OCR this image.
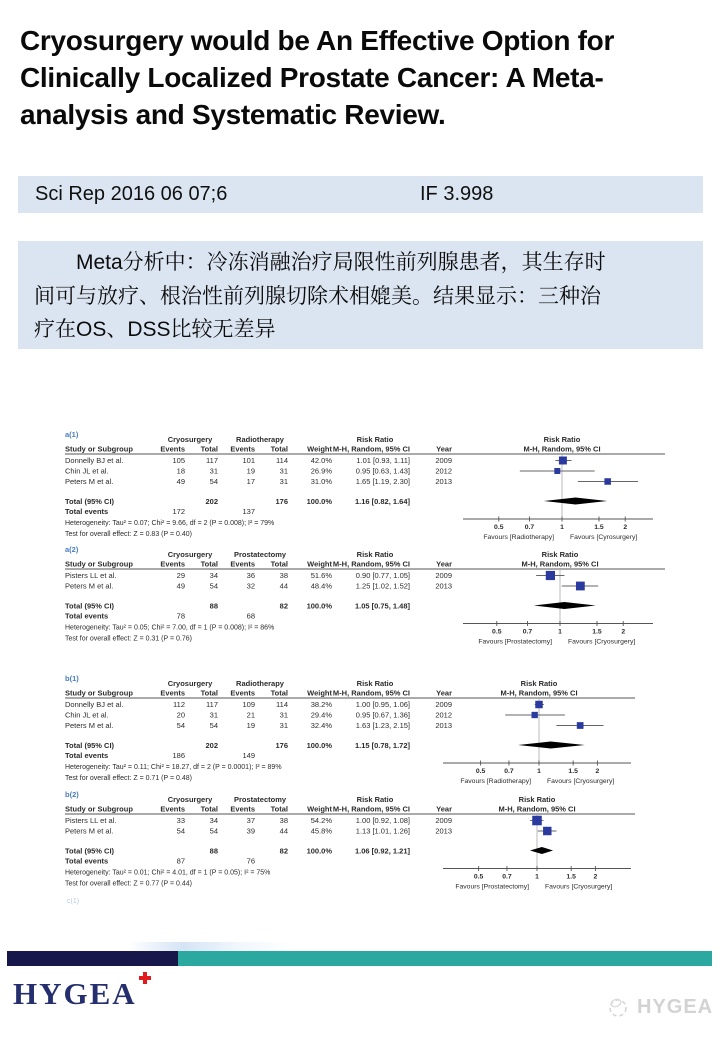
Cryosurgery would be An Effective Option for
Clinically Localized Prostate Cancer: A Meta-
analysis and Systematic Review.
Sci Rep 2016 06 07;6	IF 3.998
Meta分析中：冷冻消融治疗局限性前列腺患者，其生存时
间可与放疗、根治性前列腺切除术相媲美。结果显示：三种治
疗在OS、DSS比较无差异
a(1)
Cryosurgery	Radiotherapy	Risk Ratio	Risk Ratio
Study or Subgroup	Events Total Events Total	Weight M-H, Random, 95% CI	Year	M-H, Random, 95% CI
Donnelly BJ et al.	105	117	101	114	42.0%	1.01 [0.93, 1.11]	2009
Chin JL et al.	18	31	19	31	26.9%	0.95 [0.63, 1.43]	2012
Peters M et al.	49	54	17	31	31.0%	1.65 [1.19, 2.30]	2013
Total (95% CI)	202	176 100.0%	1.16 [0.82, 1.64]
Total events	172	137
Heterogeneity: Tau² = 0.07; Chi² = 9.66, df = 2 (P = 0.008); I² = 79%
Test for overall effect: Z = 0.83 (P = 0.40)
0.5	0.7	1	1.5	2
Favours [Radiotherapy] Favours [Cyrosurgery]
a(2)
Cryosurgery	Prostatectomy	Risk Ratio	Risk Ratio
Study or Subgroup	Events Total Events Total	Weight M-H, Random, 95% CI	Year	M-H, Random, 95% CI
Pisters LL et al.	29	34	36	38	51.6%	0.90 [0.77, 1.05]	2009
Peters M et al.	49	54	32	44	48.4%	1.25 [1.02, 1.52]	2013
Total (95% CI)	88	82 100.0%	1.05 [0.75, 1.48]
Total events	78	68
Heterogeneity: Tau² = 0.05; Chi² = 7.00, df = 1 (P = 0.008); I² = 86%
Test for overall effect: Z = 0.31 (P = 0.76)
0.5	0.7	1	1.5	2
Favours [Prostatectomy] Favours [Cryosurgery]
b(1)
Cryosurgery	Radiotherapy	Risk Ratio	Risk Ratio
Study or Subgroup	Events Total Events Total	Weight M-H, Random, 95% CI	Year	M-H, Random, 95% CI
Donnelly BJ et al.	112	117	109	114	38.2%	1.00 [0.95, 1.06]	2009
Chin JL et al.	20	31	21	31	29.4%	0.95 [0.67, 1.36]	2012
Peters M et al.	54	54	19	31	32.4%	1.63 [1.23, 2.15]	2013
Total (95% CI)	202	176 100.0%	1.15 [0.78, 1.72]
Total events	186	149
Heterogeneity: Tau² = 0.11; Chi² = 18.27, df = 2 (P = 0.0001); I² = 89%
Test for overall effect: Z = 0.71 (P = 0.48)
0.5	0.7	1	1.5	2
Favours [Radiotherapy] Favours [Cryosurgery]
b(2)
Cryosurgery	Prostatectomy	Risk Ratio	Risk Ratio
Study or Subgroup	Events Total Events Total	Weight M-H, Random, 95% CI	Year	M-H, Random, 95% CI
Pisters LL et al.	33	34	37	38	54.2%	1.00 [0.92, 1.08]	2009
Peters M et al.	54	54	39	44	45.8%	1.13 [1.01, 1.26]	2013
Total (95% CI)	88	82 100.0%	1.06 [0.92, 1.21]
Total events	87	76
Heterogeneity: Tau² = 0.01; Chi² = 4.01, df = 1 (P = 0.05); I² = 75%
Test for overall effect: Z = 0.77 (P = 0.44)
0.5	0.7	1	1.5	2
Favours [Prostatectomy] Favours [Cryosurgery]
c(1)
HYGEA	HYGEA
